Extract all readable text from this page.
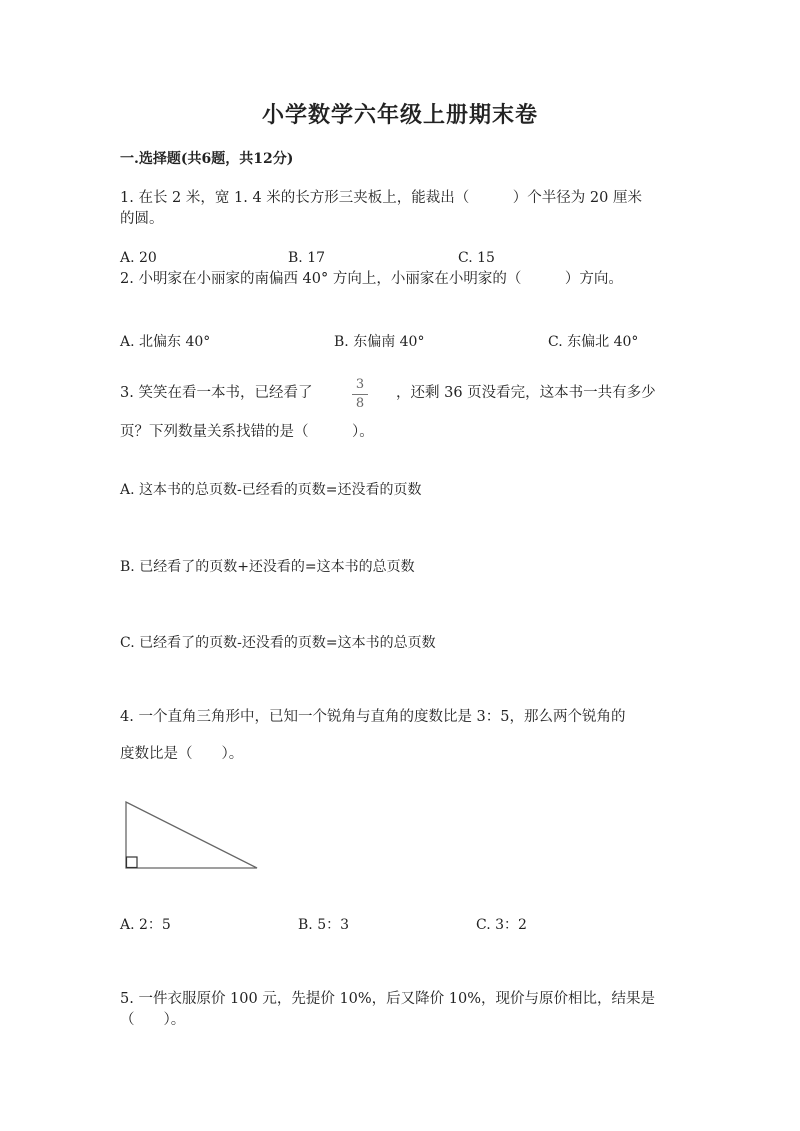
小学数学六年级上册期末卷
一.选择题(共6题，共12分)
1. 在长 2 米，宽 1. 4 米的长方形三夹板上，能裁出（　　　）个半径为 20 厘米
的圆。
A. 20	B. 17	C. 15
2. 小明家在小丽家的南偏西 40° 方向上，小丽家在小明家的（　　　）方向。
A. 北偏东 40°	B. 东偏南 40°	C. 东偏北 40°
3. 笑笑在看一本书，已经看了
3
8
，还剩 36 页没看完，这本书一共有多少
页？下列数量关系找错的是（　　　）。
A. 这本书的总页数-已经看的页数=还没看的页数
B. 已经看了的页数+还没看的=这本书的总页数
C. 已经看了的页数-还没看的页数=这本书的总页数
4. 一个直角三角形中，已知一个锐角与直角的度数比是 3：5，那么两个锐角的
度数比是（　　）。
A. 2：5	B. 5：3	C. 3：2
5. 一件衣服原价 100 元，先提价 10%，后又降价 10%，现价与原价相比，结果是
（　　）。
